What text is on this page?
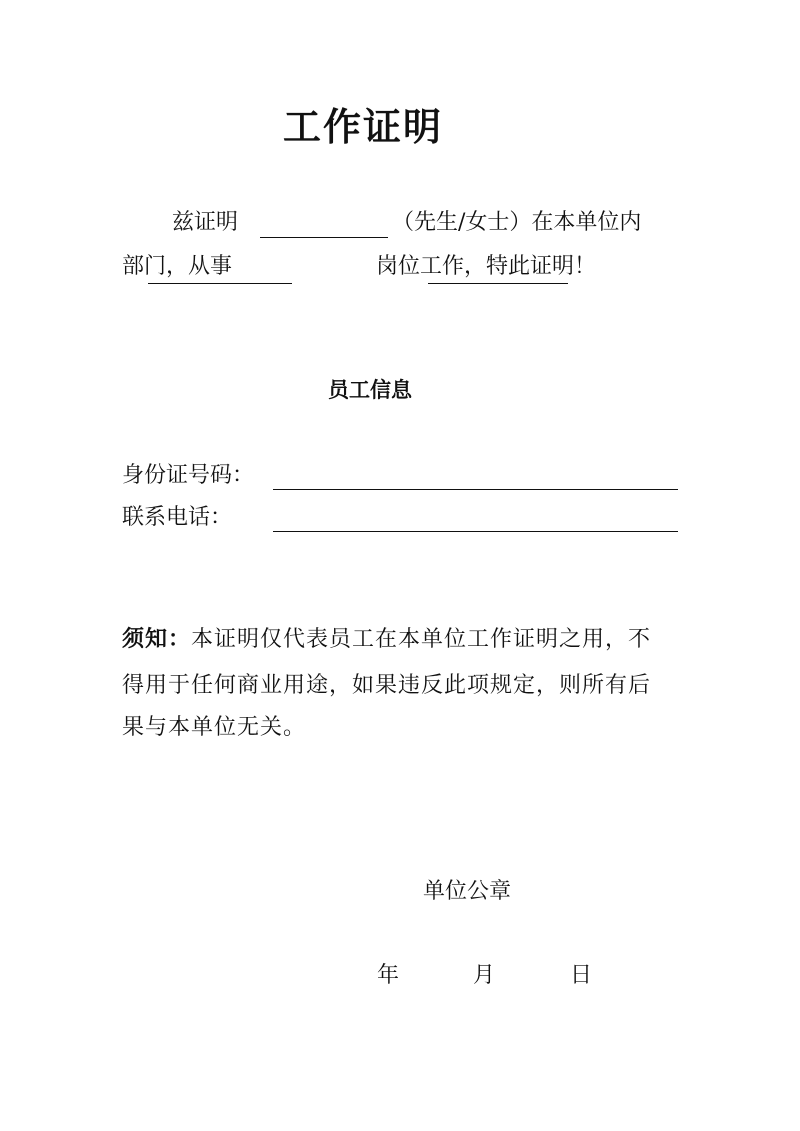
工作证明
兹证明	（先生/女士）在本单位内
部门，从事	岗位工作，特此证明！
员工信息
身份证号码：
联系电话：
须知：本证明仅代表员工在本单位工作证明之用，不
得用于任何商业用途，如果违反此项规定，则所有后
果与本单位无关。
单位公章
年	月	日
